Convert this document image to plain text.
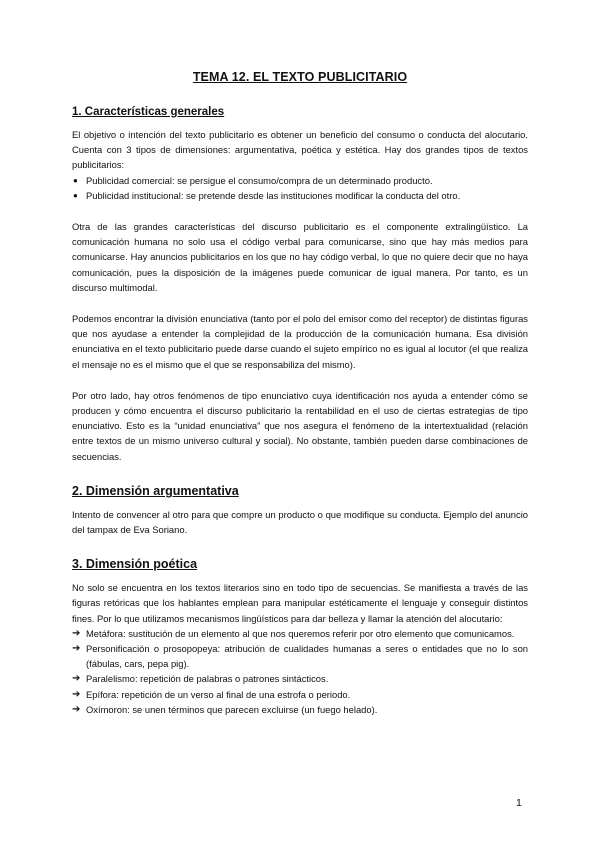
TEMA 12. EL TEXTO PUBLICITARIO
1. Características generales

El objetivo o intención del texto publicitario es obtener un beneficio del consumo o conducta del alocutario. Cuenta con 3 tipos de dimensiones: argumentativa, poética y estética. Hay dos grandes tipos de textos publicitarios:

● Publicidad comercial: se persigue el consumo/compra de un determinado producto.
● Publicidad institucional: se pretende desde las instituciones modificar la conducta del otro.

Otra de las grandes características del discurso publicitario es el componente extralingüístico. La comunicación humana no solo usa el código verbal para comunicarse, sino que hay más medios para comunicarse. Hay anuncios publicitarios en los que no hay código verbal, lo que no quiere decir que no haya comunicación, pues la disposición de la imágenes puede comunicar de igual manera. Por tanto, es un discurso multimodal.

Podemos encontrar la división enunciativa (tanto por el polo del emisor como del receptor) de distintas figuras que nos ayudase a entender la complejidad de la producción de la comunicación humana. Esa división enunciativa en el texto publicitario puede darse cuando el sujeto empírico no es igual al locutor (el que realiza el mensaje no es el mismo que el que se responsabiliza del mismo).

Por otro lado, hay otros fenómenos de tipo enunciativo cuya identificación nos ayuda a entender cómo se producen y cómo encuentra el discurso publicitario la rentabilidad en el uso de ciertas estrategias de tipo enunciativo. Esto es la “unidad enunciativa” que nos asegura el fenómeno de la intertextualidad (relación entre textos de un mismo universo cultural y social). No obstante, también pueden darse combinaciones de secuencias.

2. Dimensión argumentativa

Intento de convencer al otro para que compre un producto o que modifique su conducta. Ejemplo del anuncio del tampax de Eva Soriano.

3. Dimensión poética

No solo se encuentra en los textos literarios sino en todo tipo de secuencias. Se manifiesta a través de las figuras retóricas que los hablantes emplean para manipular estéticamente el lenguaje y conseguir distintos fines. Por lo que utilizamos mecanismos lingüísticos para dar belleza y llamar la atención del alocutario:

➔ Metáfora: sustitución de un elemento al que nos queremos referir por otro elemento que comunicamos.
➔ Personificación o prosopopeya: atribución de cualidades humanas a seres o entidades que no lo son (fábulas, cars, pepa pig).
➔ Paralelismo: repetición de palabras o patrones sintácticos.
➔ Epífora: repetición de un verso al final de una estrofa o periodo.
➔ Oxímoron: se unen términos que parecen excluirse (un fuego helado).
1
